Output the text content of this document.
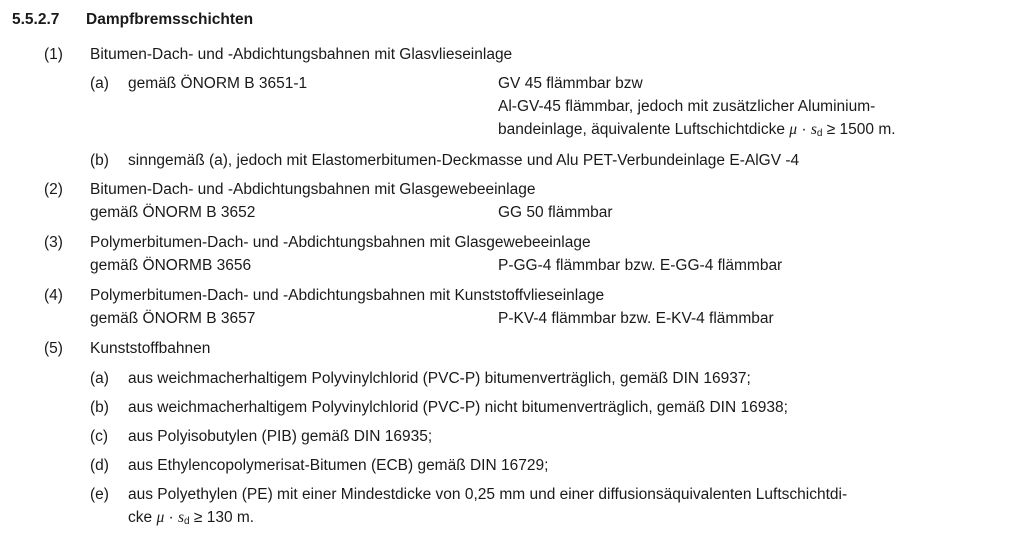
5.5.2.7 Dampfbremsschichten
(1) Bitumen-Dach- und -Abdichtungsbahnen mit Glasvlieseinlage
(a) gemäß ÖNORM B 3651-1	GV 45 flämmbar bzw
Al-GV-45 flämmbar, jedoch mit zusätzlicher Aluminium-
bandeinlage, äquivalente Luftschichtdicke $\mu \cdot s_d \ge 1500$ m.
(b) sinngemäß (a), jedoch mit Elastomerbitumen-Deckmasse und Alu PET-Verbundeinlage E-AlGV -4
(2) Bitumen-Dach- und -Abdichtungsbahnen mit Glasgewebeeinlage
gemäß ÖNORM B 3652	GG 50 flämmbar
(3) Polymerbitumen-Dach- und -Abdichtungsbahnen mit Glasgewebeeinlage
gemäß ÖNORMB 3656	P-GG-4 flämmbar bzw. E-GG-4 flämmbar
(4) Polymerbitumen-Dach- und -Abdichtungsbahnen mit Kunststoffvlieseinlage
gemäß ÖNORM B 3657	P-KV-4 flämmbar bzw. E-KV-4 flämmbar
(5) Kunststoffbahnen
(a) aus weichmacherhaltigem Polyvinylchlorid (PVC-P) bitumenverträglich, gemäß DIN 16937;
(b) aus weichmacherhaltigem Polyvinylchlorid (PVC-P) nicht bitumenverträglich, gemäß DIN 16938;
(c) aus Polyisobutylen (PIB) gemäß DIN 16935;
(d) aus Ethylencopolymerisat-Bitumen (ECB) gemäß DIN 16729;
(e) aus Polyethylen (PE) mit einer Mindestdicke von 0,25 mm und einer diffusionsäquivalenten Luftschichtdi-
cke $\mu \cdot s_d \ge 130$ m.
